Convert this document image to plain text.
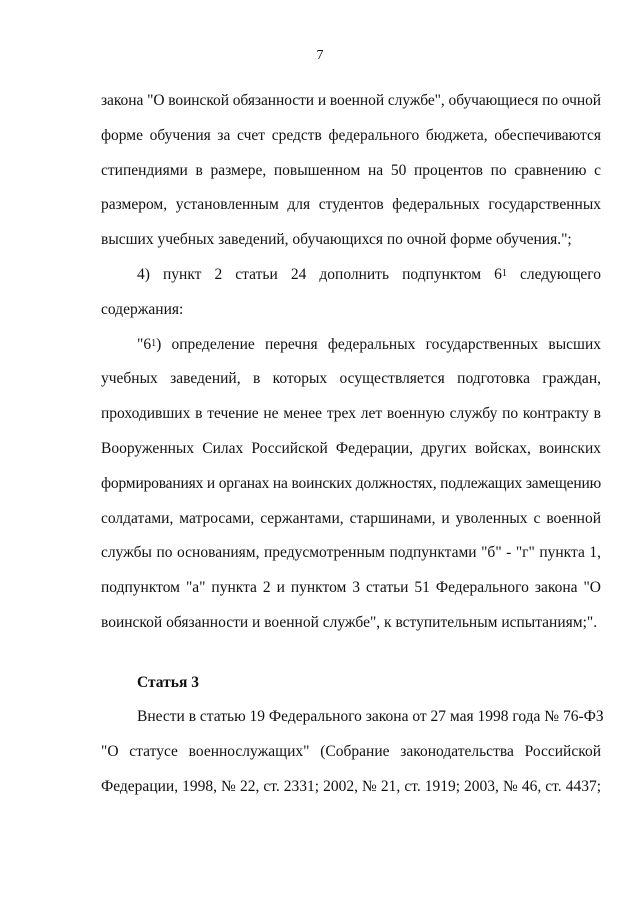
7

закона "О воинской обязанности и военной службе", обучающиеся по очной
форме обучения за счет средств федерального бюджета, обеспечиваются
стипендиями в размере, повышенном на 50 процентов по сравнению с
размером, установленным для студентов федеральных государственных
высших учебных заведений, обучающихся по очной форме обучения.";

4) пункт 2 статьи 24 дополнить подпунктом $6^1$ следующего
содержания:

"$6^1$) определение перечня федеральных государственных высших
учебных заведений, в которых осуществляется подготовка граждан,
проходивших в течение не менее трех лет военную службу по контракту в
Вооруженных Силах Российской Федерации, других войсках, воинских
формированиях и органах на воинских должностях, подлежащих замещению
солдатами, матросами, сержантами, старшинами, и уволенных с военной
службы по основаниям, предусмотренным подпунктами "б" - "г" пункта 1,
подпунктом "а" пункта 2 и пунктом 3 статьи 51 Федерального закона "О
воинской обязанности и военной службе", к вступительным испытаниям;".

Статья 3

Внести в статью 19 Федерального закона от 27 мая 1998 года № 76-ФЗ
"О статусе военнослужащих" (Собрание законодательства Российской
Федерации, 1998, № 22, ст. 2331; 2002, № 21, ст. 1919; 2003, № 46, ст. 4437;
